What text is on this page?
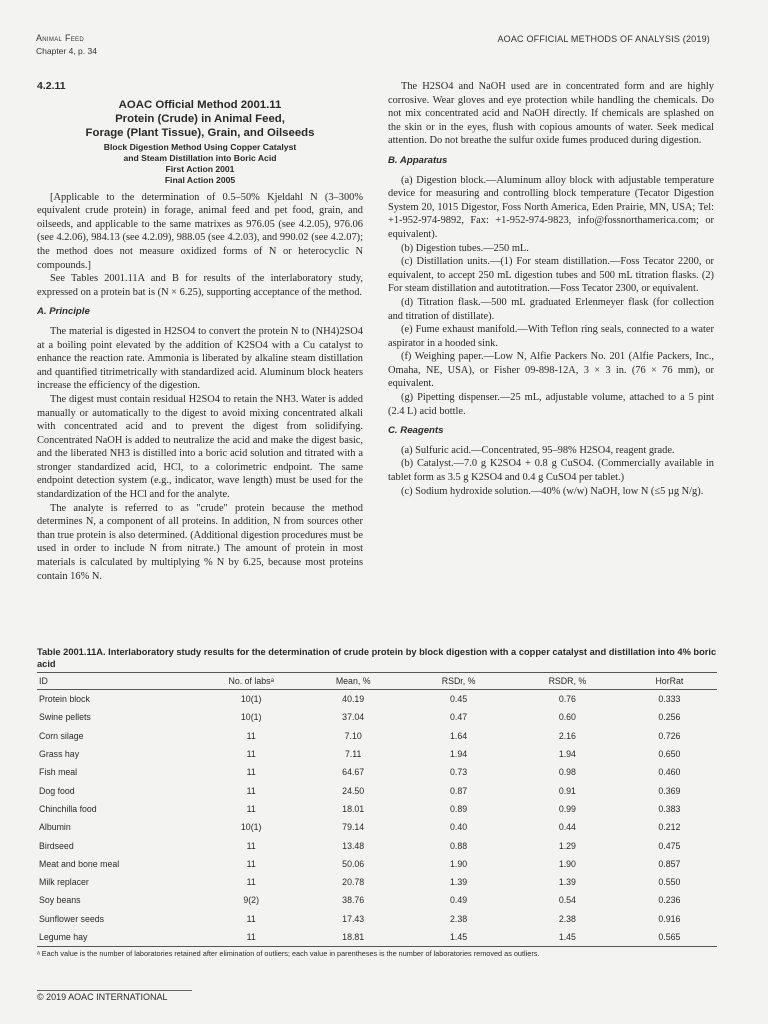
Animal Feed
Chapter 4, p. 34
AOAC OFFICIAL METHODS OF ANALYSIS (2019)
4.2.11
AOAC Official Method 2001.11
Protein (Crude) in Animal Feed,
Forage (Plant Tissue), Grain, and Oilseeds
Block Digestion Method Using Copper Catalyst
and Steam Distillation into Boric Acid
First Action 2001
Final Action 2005

[Applicable to the determination of 0.5–50% Kjeldahl N (3–300% equivalent crude protein) in forage, animal feed and pet food, grain, and oilseeds, and applicable to the same matrixes as 976.05 (see 4.2.05), 976.06 (see 4.2.06), 984.13 (see 4.2.09), 988.05 (see 4.2.03), and 990.02 (see 4.2.07); the method does not measure oxidized forms of N or heterocyclic N compounds.]

See Tables 2001.11A and B for results of the interlaboratory study, expressed on a protein bat is (N × 6.25), supporting acceptance of the method.

A. Principle

The material is digested in H2SO4 to convert the protein N to (NH4)2SO4 at a boiling point elevated by the addition of K2SO4 with a Cu catalyst to enhance the reaction rate. Ammonia is liberated by alkaline steam distillation and quantified titrimetrically with standardized acid. Aluminum block heaters increase the efficiency of the digestion.

The digest must contain residual H2SO4 to retain the NH3. Water is added manually or automatically to the digest to avoid mixing concentrated alkali with concentrated acid and to prevent the digest from solidifying. Concentrated NaOH is added to neutralize the acid and make the digest basic, and the liberated NH3 is distilled into a boric acid solution and titrated with a stronger standardized acid, HCl, to a colorimetric endpoint. The same endpoint detection system (e.g., indicator, wave length) must be used for the standardization of the HCl and for the analyte.

The analyte is referred to as "crude" protein because the method determines N, a component of all proteins. In addition, N from sources other than true protein is also determined. (Additional digestion procedures must be used in order to include N from nitrate.) The amount of protein in most materials is calculated by multiplying % N by 6.25, because most proteins contain 16% N.

The H2SO4 and NaOH used are in concentrated form and are highly corrosive. Wear gloves and eye protection while handling the chemicals. Do not mix concentrated acid and NaOH directly. If chemicals are splashed on the skin or in the eyes, flush with copious amounts of water. Seek medical attention. Do not breathe the sulfur oxide fumes produced during digestion.

B. Apparatus

(a) Digestion block.—Aluminum alloy block with adjustable temperature device for measuring and controlling block temperature (Tecator Digestion System 20, 1015 Digestor, Foss North America, Eden Prairie, MN, USA; Tel: +1-952-974-9892, Fax: +1-952-974-9823, info@fossnorthamerica.com; or equivalent).

(b) Digestion tubes.—250 mL.

(c) Distillation units.—(1) For steam distillation.—Foss Tecator 2200, or equivalent, to accept 250 mL digestion tubes and 500 mL titration flasks. (2) For steam distillation and autotitration.—Foss Tecator 2300, or equivalent.

(d) Titration flask.—500 mL graduated Erlenmeyer flask (for collection and titration of distillate).

(e) Fume exhaust manifold.—With Teflon ring seals, connected to a water aspirator in a hooded sink.

(f) Weighing paper.—Low N, Alfie Packers No. 201 (Alfie Packers, Inc., Omaha, NE, USA), or Fisher 09-898-12A, 3 × 3 in. (76 × 76 mm), or equivalent.

(g) Pipetting dispenser.—25 mL, adjustable volume, attached to a 5 pint (2.4 L) acid bottle.

C. Reagents

(a) Sulfuric acid.—Concentrated, 95–98% H2SO4, reagent grade.

(b) Catalyst.—7.0 g K2SO4 + 0.8 g CuSO4. (Commercially available in tablet form as 3.5 g K2SO4 and 0.4 g CuSO4 per tablet.)

(c) Sodium hydroxide solution.—40% (w/w) NaOH, low N (≤5 µg N/g).

Table 2001.11A. Interlaboratory study results for the determination of crude protein by block digestion with a copper catalyst and distillation into 4% boric acid
ID	No. of labsᵃ	Mean, %	RSDr, %	RSDR, %	HorRat
Protein block	10(1)	40.19	0.45	0.76	0.333
Swine pellets	10(1)	37.04	0.47	0.60	0.256
Corn silage	11	7.10	1.64	2.16	0.726
Grass hay	11	7.11	1.94	1.94	0.650
Fish meal	11	64.67	0.73	0.98	0.460
Dog food	11	24.50	0.87	0.91	0.369
Chinchilla food	11	18.01	0.89	0.99	0.383
Albumin	10(1)	79.14	0.40	0.44	0.212
Birdseed	11	13.48	0.88	1.29	0.475
Meat and bone meal	11	50.06	1.90	1.90	0.857
Milk replacer	11	20.78	1.39	1.39	0.550
Soy beans	9(2)	38.76	0.49	0.54	0.236
Sunflower seeds	11	17.43	2.38	2.38	0.916
Legume hay	11	18.81	1.45	1.45	0.565
ᵃ Each value is the number of laboratories retained after elimination of outliers; each value in parentheses is the number of laboratories removed as outliers.
© 2019 AOAC INTERNATIONAL
